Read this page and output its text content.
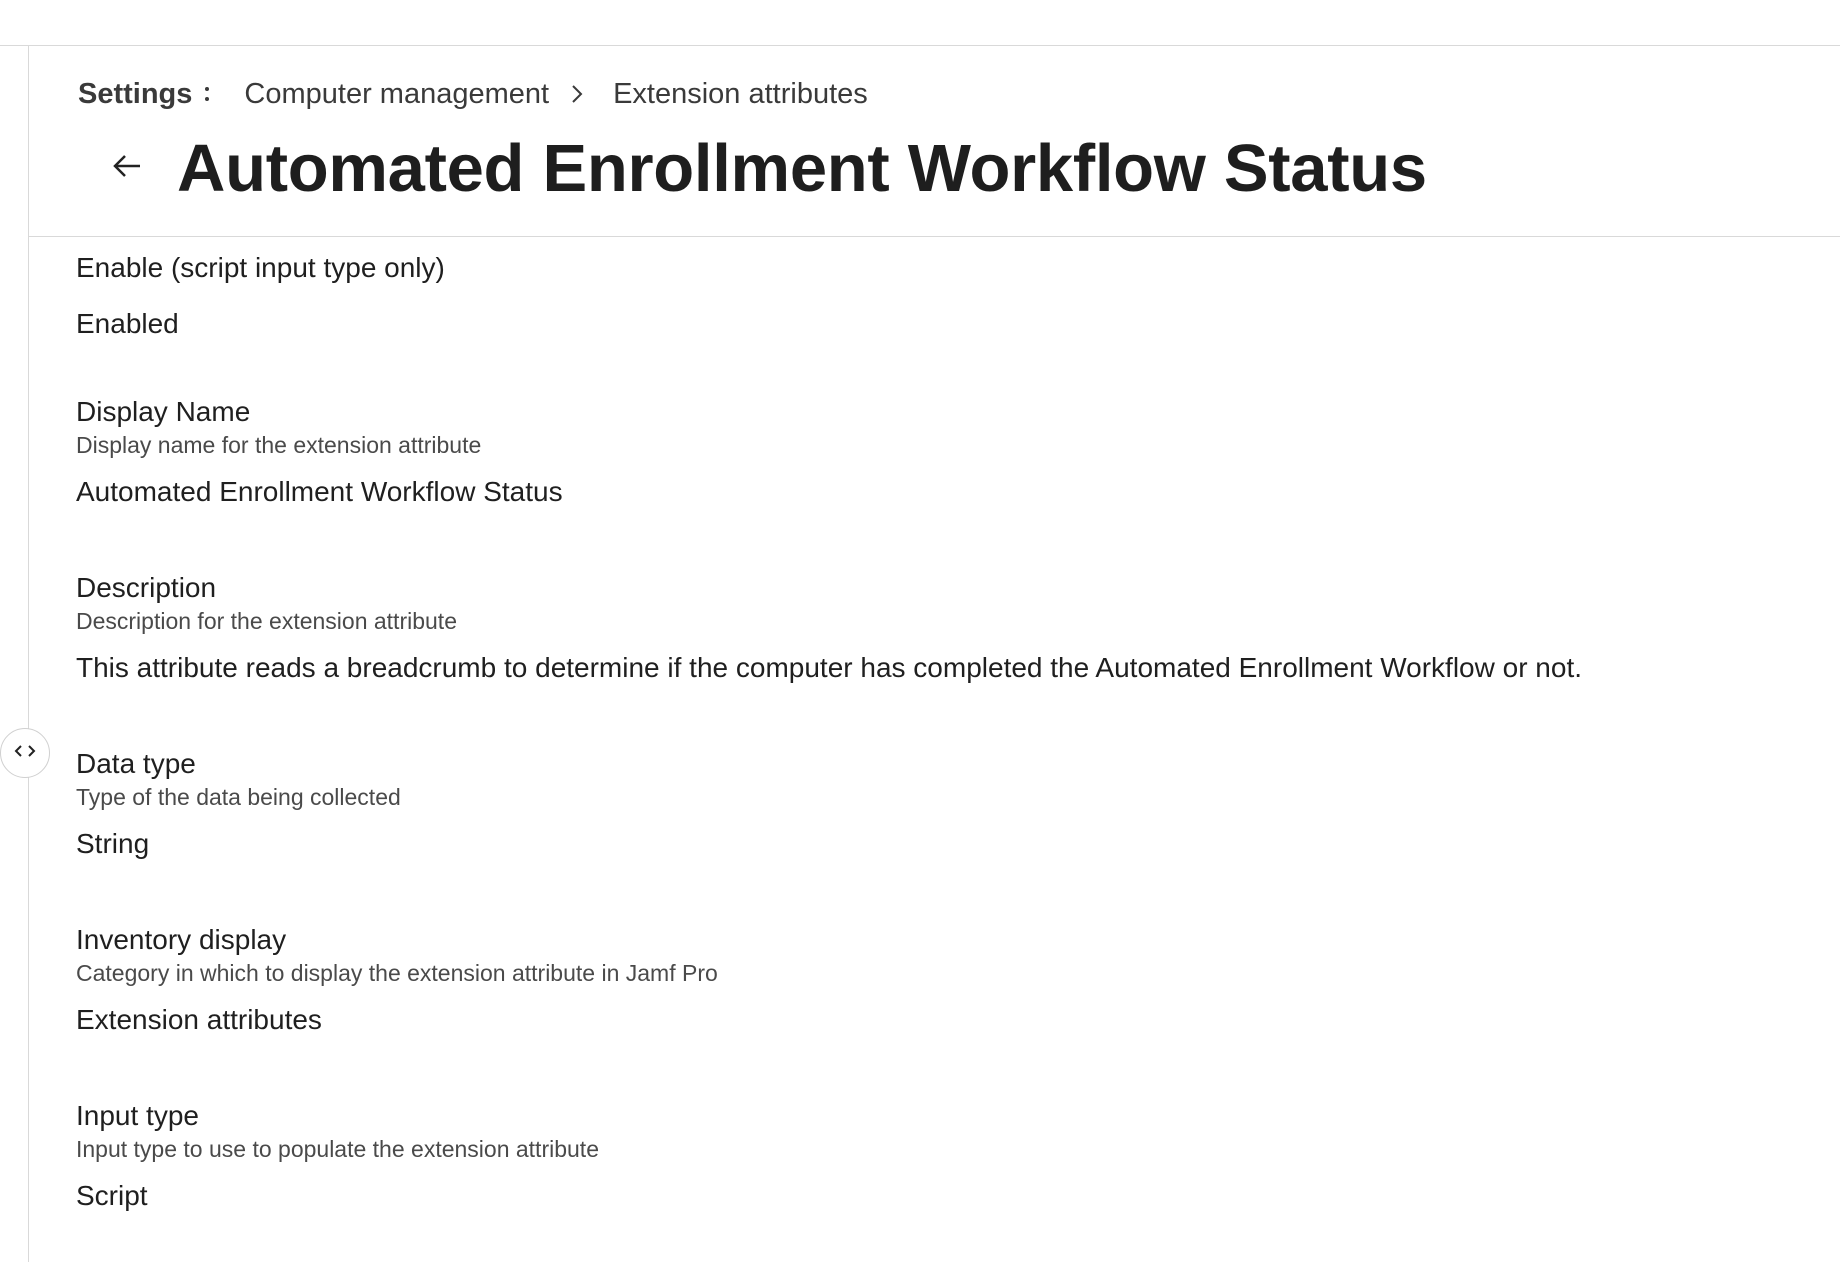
Settings Computer management Extension attributes
Automated Enrollment Workflow Status
Enable (script input type only)
Enabled
Display Name
Display name for the extension attribute
Automated Enrollment Workflow Status
Description
Description for the extension attribute
This attribute reads a breadcrumb to determine if the computer has completed the Automated Enrollment Workflow or not.
Data type
Type of the data being collected
String
Inventory display
Category in which to display the extension attribute in Jamf Pro
Extension attributes
Input type
Input type to use to populate the extension attribute
Script
